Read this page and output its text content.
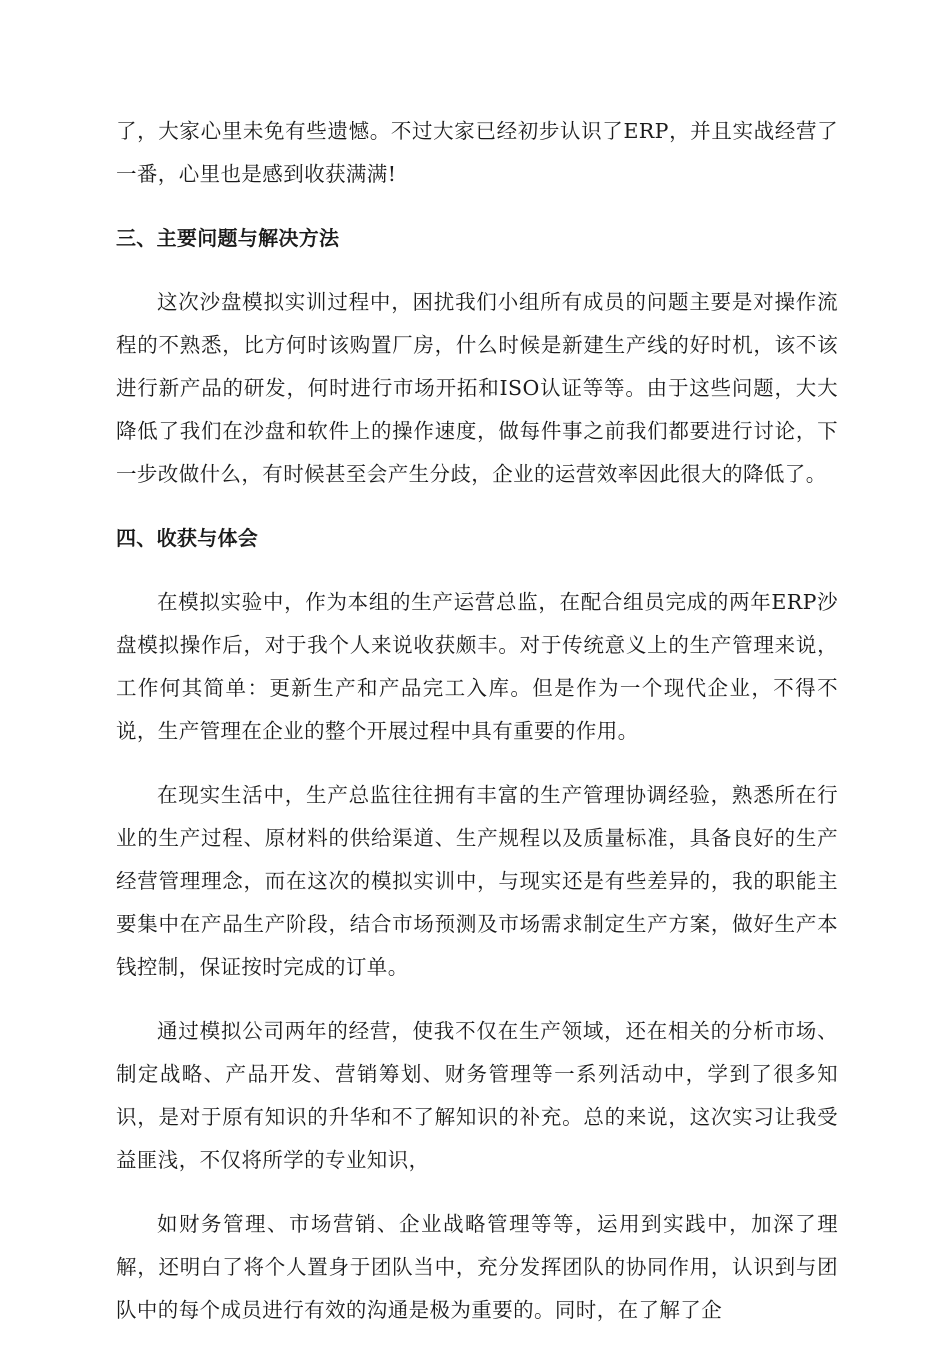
了，大家心里未免有些遗憾。不过大家已经初步认识了ERP，并且实战经营了一番，心里也是感到收获满满!

三、主要问题与解决方法

这次沙盘模拟实训过程中，困扰我们小组所有成员的问题主要是对操作流程的不熟悉，比方何时该购置厂房，什么时候是新建生产线的好时机，该不该进行新产品的研发，何时进行市场开拓和ISO认证等等。由于这些问题，大大降低了我们在沙盘和软件上的操作速度，做每件事之前我们都要进行讨论，下一步改做什么，有时候甚至会产生分歧，企业的运营效率因此很大的降低了。

四、收获与体会

在模拟实验中，作为本组的生产运营总监，在配合组员完成的两年ERP沙盘模拟操作后，对于我个人来说收获颇丰。对于传统意义上的生产管理来说，工作何其简单：更新生产和产品完工入库。但是作为一个现代企业，不得不说，生产管理在企业的整个开展过程中具有重要的作用。

在现实生活中，生产总监往往拥有丰富的生产管理协调经验，熟悉所在行业的生产过程、原材料的供给渠道、生产规程以及质量标准，具备良好的生产经营管理理念，而在这次的模拟实训中，与现实还是有些差异的，我的职能主要集中在产品生产阶段，结合市场预测及市场需求制定生产方案，做好生产本钱控制，保证按时完成的订单。

通过模拟公司两年的经营，使我不仅在生产领域，还在相关的分析市场、制定战略、产品开发、营销筹划、财务管理等一系列活动中，学到了很多知识，是对于原有知识的升华和不了解知识的补充。总的来说，这次实习让我受益匪浅，不仅将所学的专业知识，

如财务管理、市场营销、企业战略管理等等，运用到实践中，加深了理解，还明白了将个人置身于团队当中，充分发挥团队的协同作用，认识到与团队中的每个成员进行有效的沟通是极为重要的。同时，在了解了企
